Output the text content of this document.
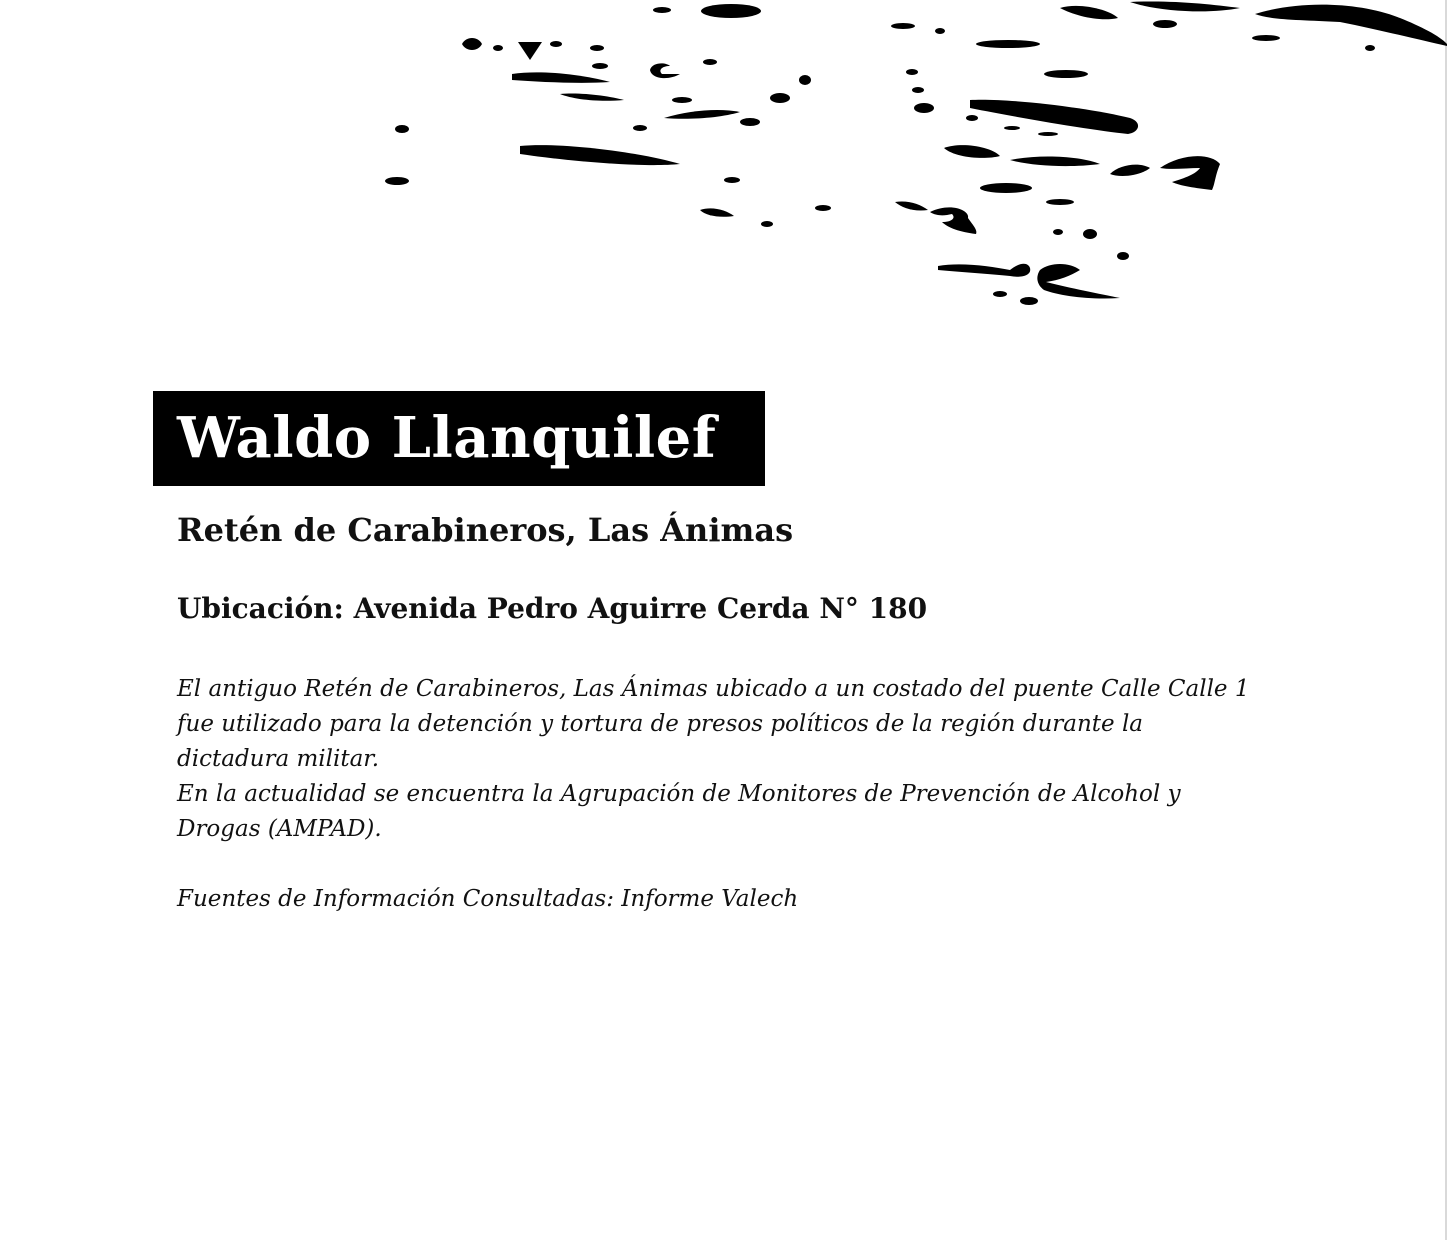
Waldo Llanquilef
Retén de Carabineros, Las Ánimas
Ubicación: Avenida Pedro Aguirre Cerda N° 180

El antiguo Retén de Carabineros, Las Ánimas ubicado a un costado del puente Calle Calle 1 fue utilizado para la detención y tortura de presos políticos de la región durante la dictadura militar.

En la actualidad se encuentra la Agrupación de Monitores de Prevención de Alcohol y Drogas (AMPAD).

Fuentes de Información Consultadas: Informe Valech
